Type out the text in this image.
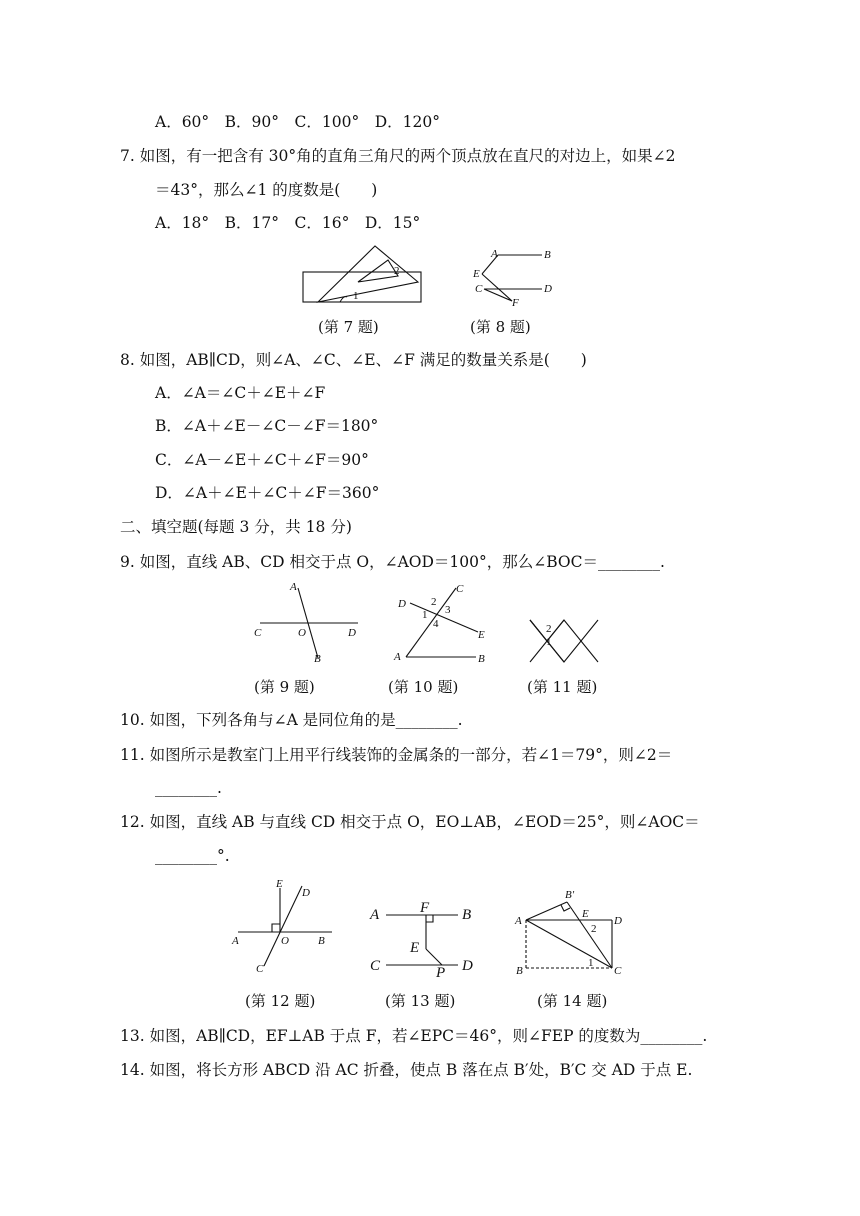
A．60°　B．90°　C．100°　D．120°
7. 如图，有一把含有 30°角的直角三角尺的两个顶点放在直尺的对边上，如果∠2
＝43°，那么∠1 的度数是(　　)
A．18°　B．17°　C．16°　D．15°
1
2
(第 7 题)
A	B
E
C	D
F
(第 8 题)
8. 如图，AB∥CD，则∠A、∠C、∠E、∠F 满足的数量关系是(　　)
A．∠A＝∠C＋∠E＋∠F
B．∠A＋∠E－∠C－∠F＝180°
C．∠A－∠E＋∠C＋∠F＝90°
D．∠A＋∠E＋∠C＋∠F＝360°
二、填空题(每题 3 分，共 18 分)
9. 如图，直线 AB、CD 相交于点 O，∠AOD＝100°，那么∠BOC＝________.
A
B
C	D
O
(第 9 题)
D
C
1
2
3
4
E
A	B
(第 10 题)
2
1
(第 11 题)
10. 如图，下列各角与∠A 是同位角的是________.
11. 如图所示是教室门上用平行线装饰的金属条的一部分，若∠1＝79°，则∠2＝
________.
12. 如图，直线 AB 与直线 CD 相交于点 O，EO⊥AB，∠EOD＝25°，则∠AOC＝
________°.
E
D
A	O	B
C
(第 12 题)
A	F B
E
C	P D
(第 13 题)
B′
A
E
D
2
1
B	C
(第 14 题)
13. 如图，AB∥CD，EF⊥AB 于点 F，若∠EPC＝46°，则∠FEP 的度数为________.
14. 如图，将长方形 ABCD 沿 AC 折叠，使点 B 落在点 B′处，B′C 交 AD 于点 E.
